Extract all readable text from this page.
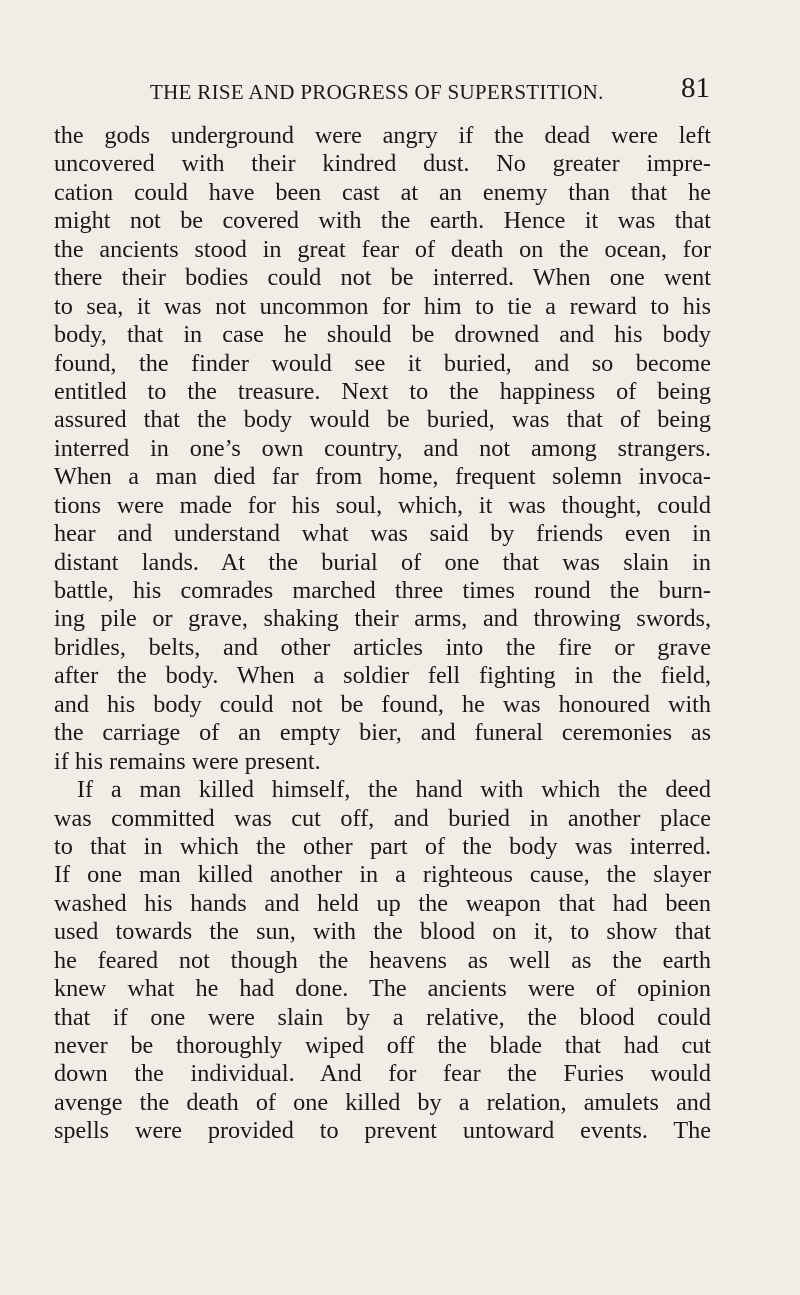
THE RISE AND PROGRESS OF SUPERSTITION.	81
the gods underground were angry if the dead were left
uncovered with their kindred dust. No greater impre-
cation could have been cast at an enemy than that he
might not be covered with the earth. Hence it was that
the ancients stood in great fear of death on the ocean, for
there their bodies could not be interred. When one went
to sea, it was not uncommon for him to tie a reward to his
body, that in case he should be drowned and his body
found, the finder would see it buried, and so become
entitled to the treasure. Next to the happiness of being
assured that the body would be buried, was that of being
interred in one’s own country, and not among strangers.
When a man died far from home, frequent solemn invoca-
tions were made for his soul, which, it was thought, could
hear and understand what was said by friends even in
distant lands. At the burial of one that was slain in
battle, his comrades marched three times round the burn-
ing pile or grave, shaking their arms, and throwing swords,
bridles, belts, and other articles into the fire or grave
after the body. When a soldier fell fighting in the field,
and his body could not be found, he was honoured with
the carriage of an empty bier, and funeral ceremonies as
if his remains were present.
If a man killed himself, the hand with which the deed
was committed was cut off, and buried in another place
to that in which the other part of the body was interred.
If one man killed another in a righteous cause, the slayer
washed his hands and held up the weapon that had been
used towards the sun, with the blood on it, to show that
he feared not though the heavens as well as the earth
knew what he had done. The ancients were of opinion
that if one were slain by a relative, the blood could
never be thoroughly wiped off the blade that had cut
down the individual. And for fear the Furies would
avenge the death of one killed by a relation, amulets and
spells were provided to prevent untoward events. The
